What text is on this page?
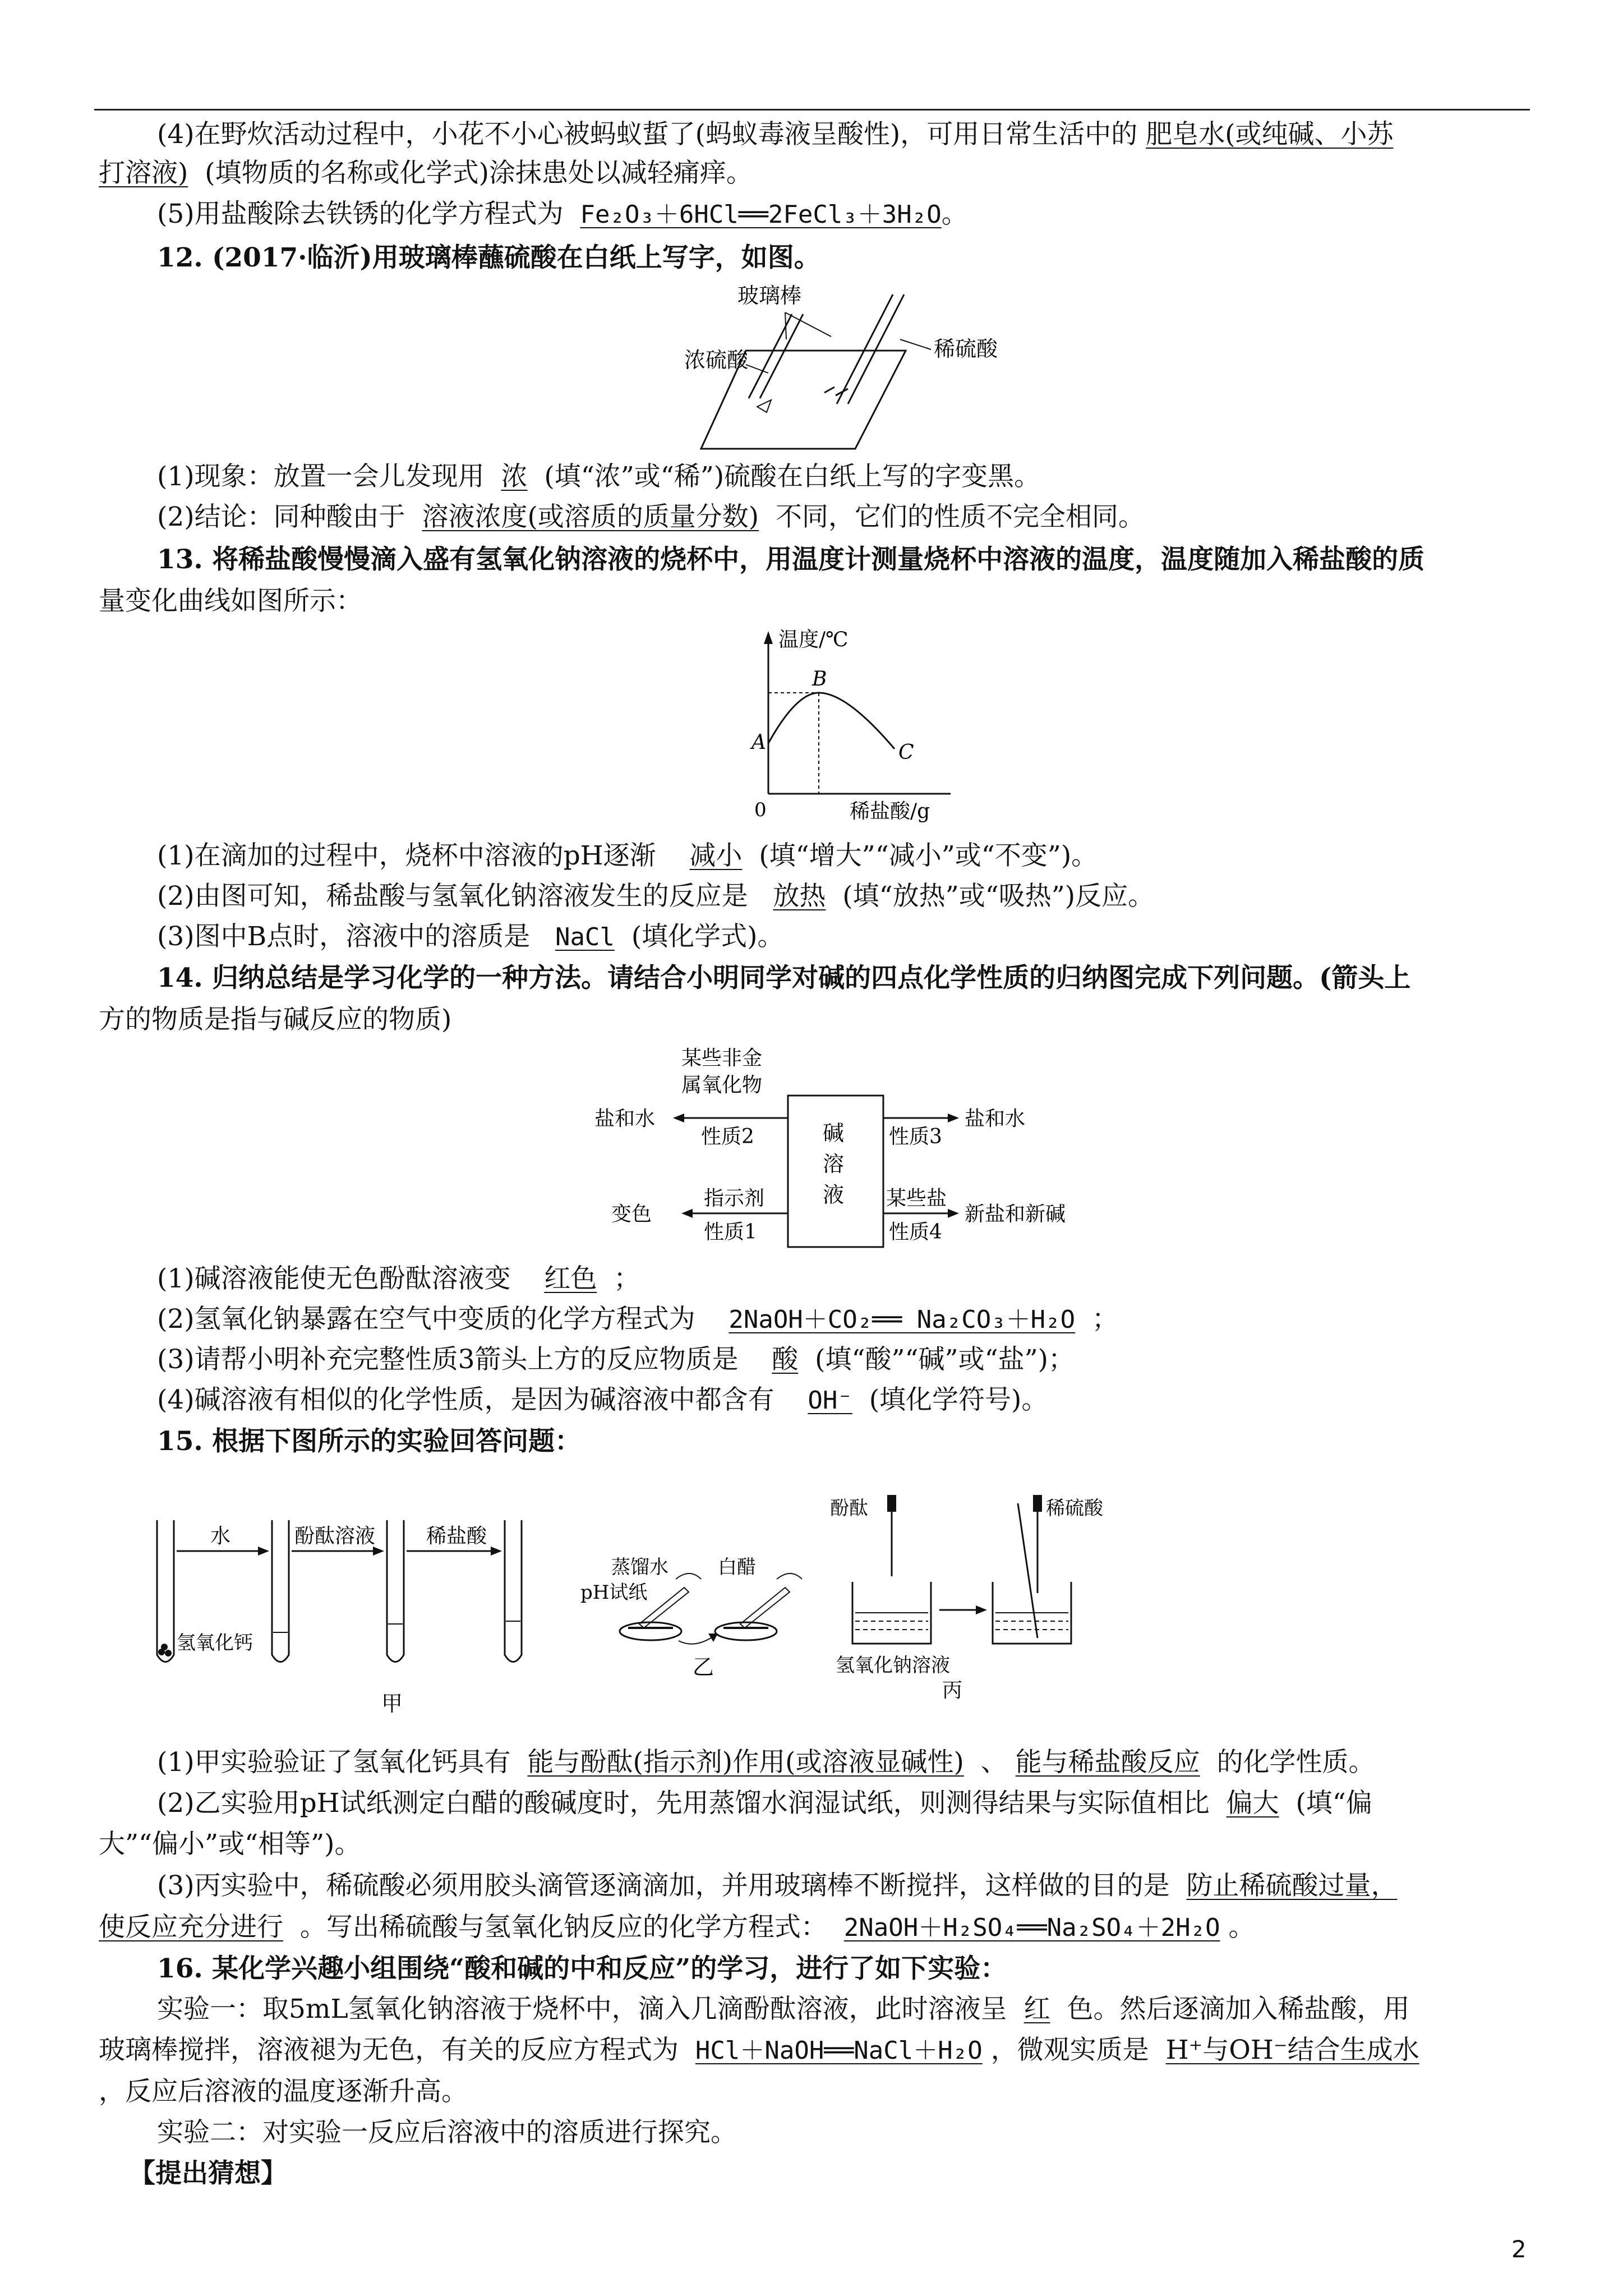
(4)在野炊活动过程中，小花不小心被蚂蚁蜇了(蚂蚁毒液呈酸性)，可用日常生活中的 肥皂水(或纯碱、小苏
打溶液) (填物质的名称或化学式)涂抹患处以减轻痛痒。
(5)用盐酸除去铁锈的化学方程式为 Fe₂O₃＋6HCl══2FeCl₃＋3H₂O。
12. (2017·临沂)用玻璃棒蘸硫酸在白纸上写字，如图。
玻璃棒
浓硫酸	稀硫酸
(1)现象：放置一会儿发现用 浓 (填“浓”或“稀”)硫酸在白纸上写的字变黑。
(2)结论：同种酸由于 溶液浓度(或溶质的质量分数) 不同，它们的性质不完全相同。
13. 将稀盐酸慢慢滴入盛有氢氧化钠溶液的烧杯中，用温度计测量烧杯中溶液的温度，温度随加入稀盐酸的质
量变化曲线如图所示：
温度/℃
B
A	C
0	稀盐酸/g
(1)在滴加的过程中，烧杯中溶液的pH逐渐 减小 (填“增大”“减小”或“不变”)。
(2)由图可知，稀盐酸与氢氧化钠溶液发生的反应是 放热 (填“放热”或“吸热”)反应。
(3)图中B点时，溶液中的溶质是 NaCl (填化学式)。
14. 归纳总结是学习化学的一种方法。请结合小明同学对碱的四点化学性质的归纳图完成下列问题。(箭头上
方的物质是指与碱反应的物质)
碱
溶
液
某些非金
属氧化物
性质2
盐和水
性质3
盐和水
指示剂
性质1
变色
某些盐
性质4
新盐和新碱
(1)碱溶液能使无色酚酞溶液变 红色 ；
(2)氢氧化钠暴露在空气中变质的化学方程式为 2NaOH＋CO₂══ Na₂CO₃＋H₂O ；
(3)请帮小明补充完整性质3箭头上方的反应物质是 酸 (填“酸”“碱”或“盐”)；
(4)碱溶液有相似的化学性质，是因为碱溶液中都含有 OH⁻ (填化学符号)。
15. 根据下图所示的实验回答问题：
水	酚酞溶液	稀盐酸
氢氧化钙
甲
蒸馏水	白醋
pH试纸
乙
酚酞	稀硫酸
氢氧化钠溶液
丙
(1)甲实验验证了氢氧化钙具有 能与酚酞(指示剂)作用(或溶液显碱性) 、 能与稀盐酸反应 的化学性质。
(2)乙实验用pH试纸测定白醋的酸碱度时，先用蒸馏水润湿试纸，则测得结果与实际值相比 偏大 (填“偏
大”“偏小”或“相等”)。
(3)丙实验中，稀硫酸必须用胶头滴管逐滴滴加，并用玻璃棒不断搅拌，这样做的目的是 防止稀硫酸过量，
使反应充分进行 。写出稀硫酸与氢氧化钠反应的化学方程式： 2NaOH＋H₂SO₄══Na₂SO₄＋2H₂O 。
16. 某化学兴趣小组围绕“酸和碱的中和反应”的学习，进行了如下实验：
实验一：取5mL氢氧化钠溶液于烧杯中，滴入几滴酚酞溶液，此时溶液呈 红 色。然后逐滴加入稀盐酸，用
玻璃棒搅拌，溶液褪为无色，有关的反应方程式为 HCl＋NaOH══NaCl＋H₂O ，微观实质是 H⁺与OH⁻结合生成水
，反应后溶液的温度逐渐升高。
实验二：对实验一反应后溶液中的溶质进行探究。
【提出猜想】
2
